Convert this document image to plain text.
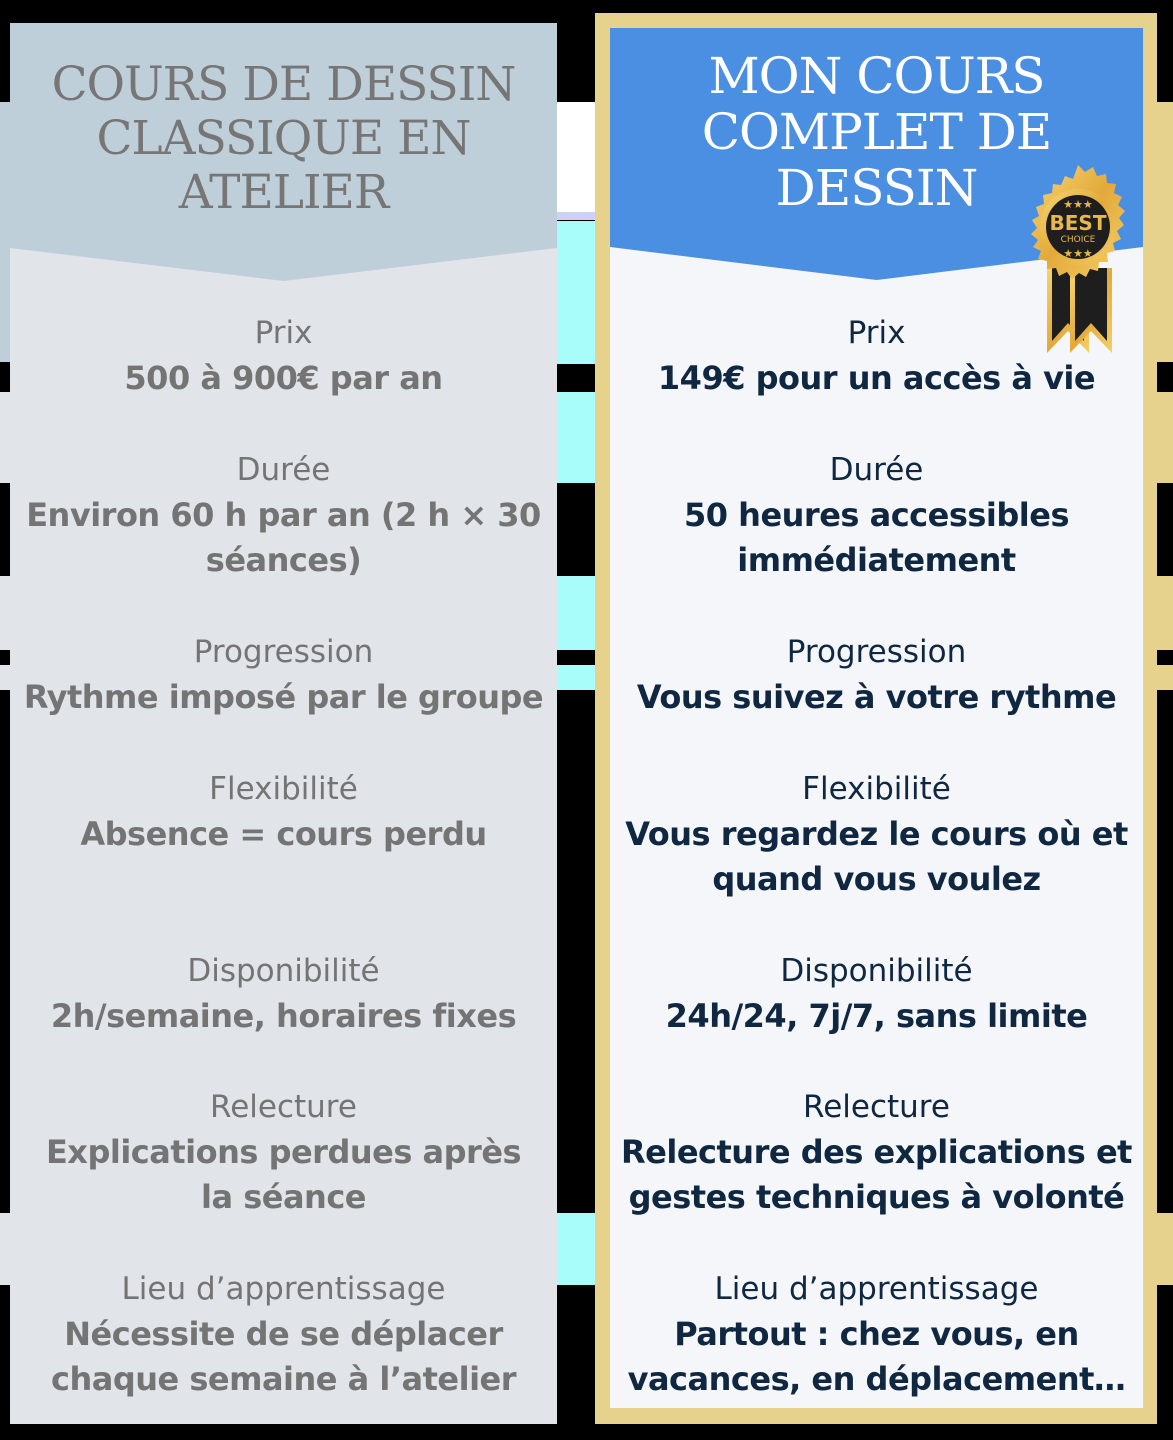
COURS DE DESSIN
CLASSIQUE EN
ATELIER
Prix
500 à 900€ par an
Durée
Environ 60 h par an (2 h × 30
séances)
Progression
Rythme imposé par le groupe
Flexibilité
Absence = cours perdu
Disponibilité
2h/semaine, horaires fixes
Relecture
Explications perdues après
la séance
Lieu d’apprentissage
Nécessite de se déplacer
chaque semaine à l’atelier
MON COURS
COMPLET DE
DESSIN
Prix
149€ pour un accès à vie
Durée
50 heures accessibles
immédiatement
Progression
Vous suivez à votre rythme
Flexibilité
Vous regardez le cours où et
quand vous voulez
Disponibilité
24h/24, 7j/7, sans limite
Relecture
Relecture des explications et
gestes techniques à volonté
Lieu d’apprentissage
Partout : chez vous, en
vacances, en déplacement…
★★★
BEST
CHOICE
★★★
